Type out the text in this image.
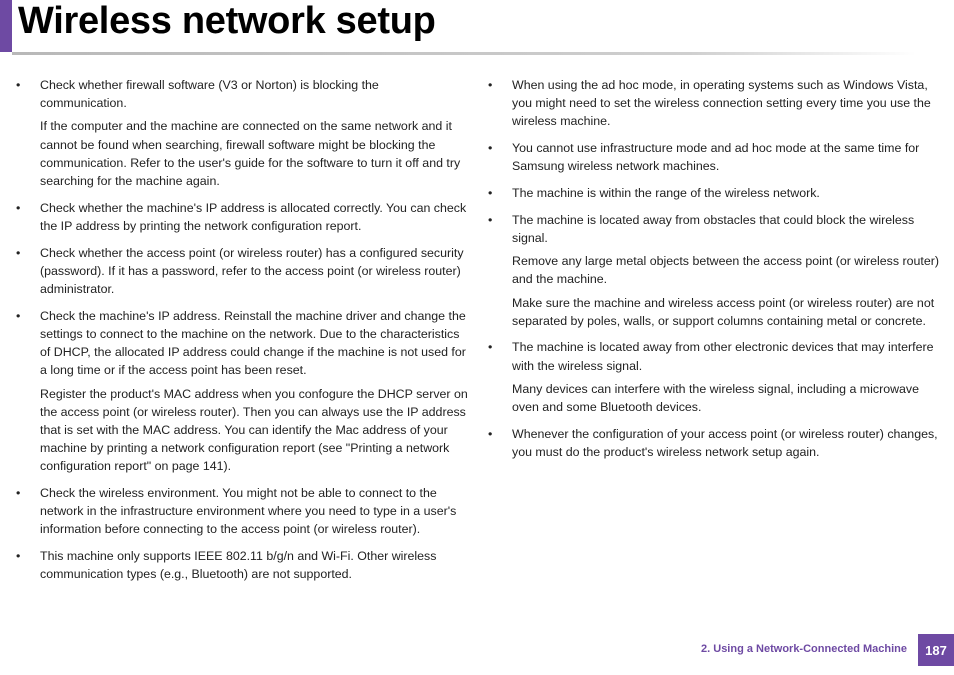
Wireless network setup
• Check whether firewall software (V3 or Norton) is blocking the communication.

If the computer and the machine are connected on the same network and it cannot be found when searching, firewall software might be blocking the communication. Refer to the user's guide for the software to turn it off and try searching for the machine again.

• Check whether the machine's IP address is allocated correctly. You can check the IP address by printing the network configuration report.

• Check whether the access point (or wireless router) has a configured security (password). If it has a password, refer to the access point (or wireless router) administrator.

• Check the machine's IP address. Reinstall the machine driver and change the settings to connect to the machine on the network. Due to the characteristics of DHCP, the allocated IP address could change if the machine is not used for a long time or if the access point has been reset.

Register the product's MAC address when you confogure the DHCP server on the access point (or wireless router). Then you can always use the IP address that is set with the MAC address. You can identify the Mac address of your machine by printing a network configuration report (see "Printing a network configuration report" on page 141).

• Check the wireless environment. You might not be able to connect to the network in the infrastructure environment where you need to type in a user's information before connecting to the access point (or wireless router).

• This machine only supports IEEE 802.11 b/g/n and Wi-Fi. Other wireless communication types (e.g., Bluetooth) are not supported.

• When using the ad hoc mode, in operating systems such as Windows Vista, you might need to set the wireless connection setting every time you use the wireless machine.

• You cannot use infrastructure mode and ad hoc mode at the same time for Samsung wireless network machines.

• The machine is within the range of the wireless network.

• The machine is located away from obstacles that could block the wireless signal.

Remove any large metal objects between the access point (or wireless router) and the machine.

Make sure the machine and wireless access point (or wireless router) are not separated by poles, walls, or support columns containing metal or concrete.

• The machine is located away from other electronic devices that may interfere with the wireless signal.

Many devices can interfere with the wireless signal, including a microwave oven and some Bluetooth devices.

• Whenever the configuration of your access point (or wireless router) changes, you must do the product's wireless network setup again.

2. Using a Network-Connected Machine	187
